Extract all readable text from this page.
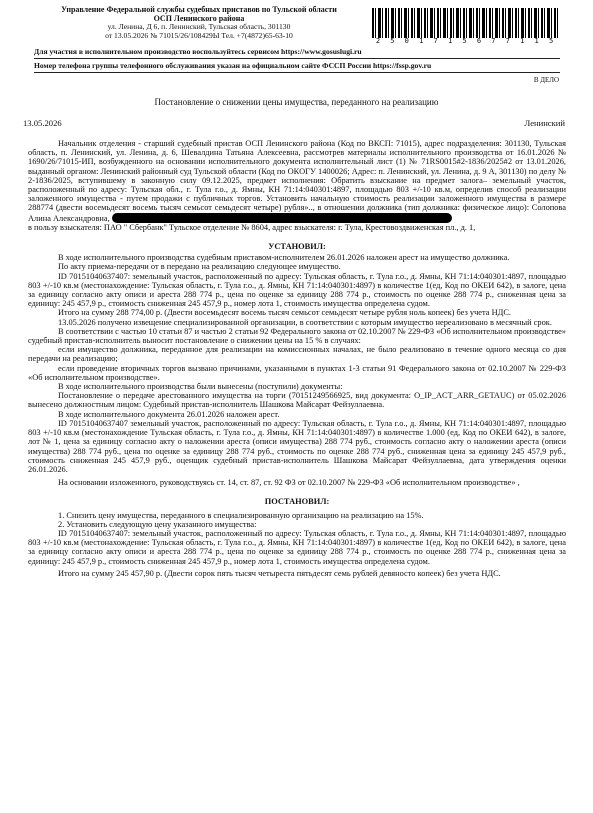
Управление Федеральной службы судебных приставов по Тульской области
ОСП Ленинского района
ул. Ленина, Д 6, п. Ленинский, Тульская область, 301130
от 13.05.2026 № 71015/26/108429Ы Тел. +7(4872)65-63-10
2 5 0 1 7 1 5 6 7 7 1 1 5
Для участия в исполнительном производство воспользуйтесь сервисом https://www.gosuslugi.ru
Номер телефона группы телефонного обслуживания указан на официальном сайте ФССП России https://fssp.gov.ru
В ДЕЛО
Постановление о снижении цены имущества, переданного на реализацию
13.05.2026	Ленинский

Начальник отделения - старший судебный пристав ОСП Ленинского района (Код по ВКСП: 71015), адрес подразделения: 301130, Тульская область, п. Ленинский, ул. Ленина, д. 6, Шевалдина Татьяна Алексеевна, рассмотрев материалы исполнительного производства от 16.01.2026 № 1690/26/71015-ИП, возбужденного на основании исполнительного документа исполнительный лист (1) № 71RS0015#2-1836/2025#2 от 13.01.2026, выданный органом: Ленинский районный суд Тульской области (Код по ОКОГУ 1400026; Адрес: п. Ленинский, ул. Ленина, д. 9 А, 301130) по делу № 2-1836/2025, вступившему в законную силу 09.12.2025, предмет исполнения: Обратить взыскание на предмет залога– земельный участок, расположенный по адресу: Тульская обл., г. Тула г.о., д. Ямны, КН 71:14:040301:4897, площадью 803 +/-10 кв.м, определив способ реализации заложенного имущества - путем продажи с публичных торгов. Установить начальную стоимость реализации заложенного имущества в размере 288774 (двести восемьдесят восемь тысяч семьсот семьдесят четыре) рубля».., в отношении должника (тип должника: физическое лицо): Солопова Алина Александровна,

в пользу взыскателя: ПАО " Сбербанк" Тульское отделение № 8604, адрес взыскателя: г. Тула, Крестовоздвиженская пл., д. 1,

УСТАНОВИЛ:

В ходе исполнительного производства судебным приставом-исполнителем 26.01.2026 наложен арест на имущество должника.

По акту приема-передачи от в передано на реализацию следующее имущество.

ID 70151040637407: земельный участок, расположенный по адресу: Тульская область, г. Тула г.о., д. Ямны, КН 71:14:040301:4897, площадью 803 +/-10 кв.м (местонахождение: Тульская область, г. Тула г.о., д. Ямны, КН 71:14:040301:4897) в количестве 1(ед, Код по ОКЕИ 642), в залоге, цена за единицу согласно акту описи и ареста 288 774 р., цена по оценке за единицу 288 774 р., стоимость по оценке 288 774 р., сниженная цена за единицу: 245 457,9 р., стоимость сниженная 245 457,9 р., номер лота 1, стоимость имущества определена судом.

Итого на сумму 288 774,00 р. (Двести восемьдесят восемь тысяч семьсот семьдесят четыре рубля ноль копеек) без учета НДС.

13.05.2026 получено извещение специализированной организации, в соответствии с которым имущество нереализовано в месячный срок.

В соответствии с частью 10 статьи 87 и частью 2 статьи 92 Федерального закона от 02.10.2007 № 229-ФЗ «Об исполнительном производстве» судебный пристав-исполнитель выносит постановление о снижении цены на 15 % в случаях:

если имущество должника, переданное для реализации на комиссионных началах, не было реализовано в течение одного месяца со дня передачи на реализацию;

если проведение вторичных торгов вызвано причинами, указанными в пунктах 1-3 статьи 91 Федерального закона от 02.10.2007 № 229-ФЗ «Об исполнительном производстве».

В ходе исполнительного производства были вынесены (поступили) документы:

Постановление о передаче арестованного имущества на торги (70151249566925, вид документа: O_IP_ACT_ARR_GETAUC) от 05.02.2026 вынесено должностным лицом: Судебный пристав-исполнитель Шашкова Майсарат Фейзуллаевна.

В ходе исполнительного документа 26.01.2026 наложен арест.

ID 70151040637407 земельный участок, расположенный по адресу: Тульская область, г. Тула г.о., д. Ямны, КН 71:14:040301:4897, площадью 803 +/-10 кв.м (местонахождение Тульская область, г. Тула г.о., д. Ямны, КН 71:14:040301:4897) в количестве 1.000 (ед, Код по ОКЕИ 642), в залоге, лот № 1, цена за единицу согласно акту о наложении ареста (описи имущества) 288 774 руб., стоимость согласно акту о наложении ареста (описи имущества) 288 774 руб., цена по оценке за единицу 288 774 руб., стоимость по оценке 288 774 руб., сниженная цена за единицу 245 457,9 руб., стоимость сниженная 245 457,9 руб., оценщик судебный пристав-исполнитель Шашкова Майсарат Фейзуллаевна, дата утверждения оценки 26.01.2026.

На основании изложенного, руководствуясь ст. 14, ст. 87, ст. 92 ФЗ от 02.10.2007 № 229-ФЗ «Об исполнительном производстве» ,

ПОСТАНОВИЛ:

1. Снизить цену имущества, переданного в специализированную организацию на реализацию на 15%.

2. Установить следующую цену указанного имущества:

ID 70151040637407: земельный участок, расположенный по адресу: Тульская область, г. Тула г.о., д. Ямны, КН 71:14:040301:4897, площадью 803 +/-10 кв.м (местонахождение: Тульская область, г. Тула г.о., д. Ямны, КН 71:14:040301:4897) в количестве 1(ед, Код по ОКЕИ 642), в залоге, цена за единицу согласно акту описи и ареста 288 774 р., цена по оценке за единицу 288 774 р., стоимость по оценке 288 774 р., сниженная цена за единицу: 245 457,9 р., стоимость сниженная 245 457,9 р., номер лота 1, стоимость имущества определена судом.

Итого на сумму 245 457,90 р. (Двести сорок пять тысяч четыреста пятьдесят семь рублей девяносто копеек) без учета НДС.
